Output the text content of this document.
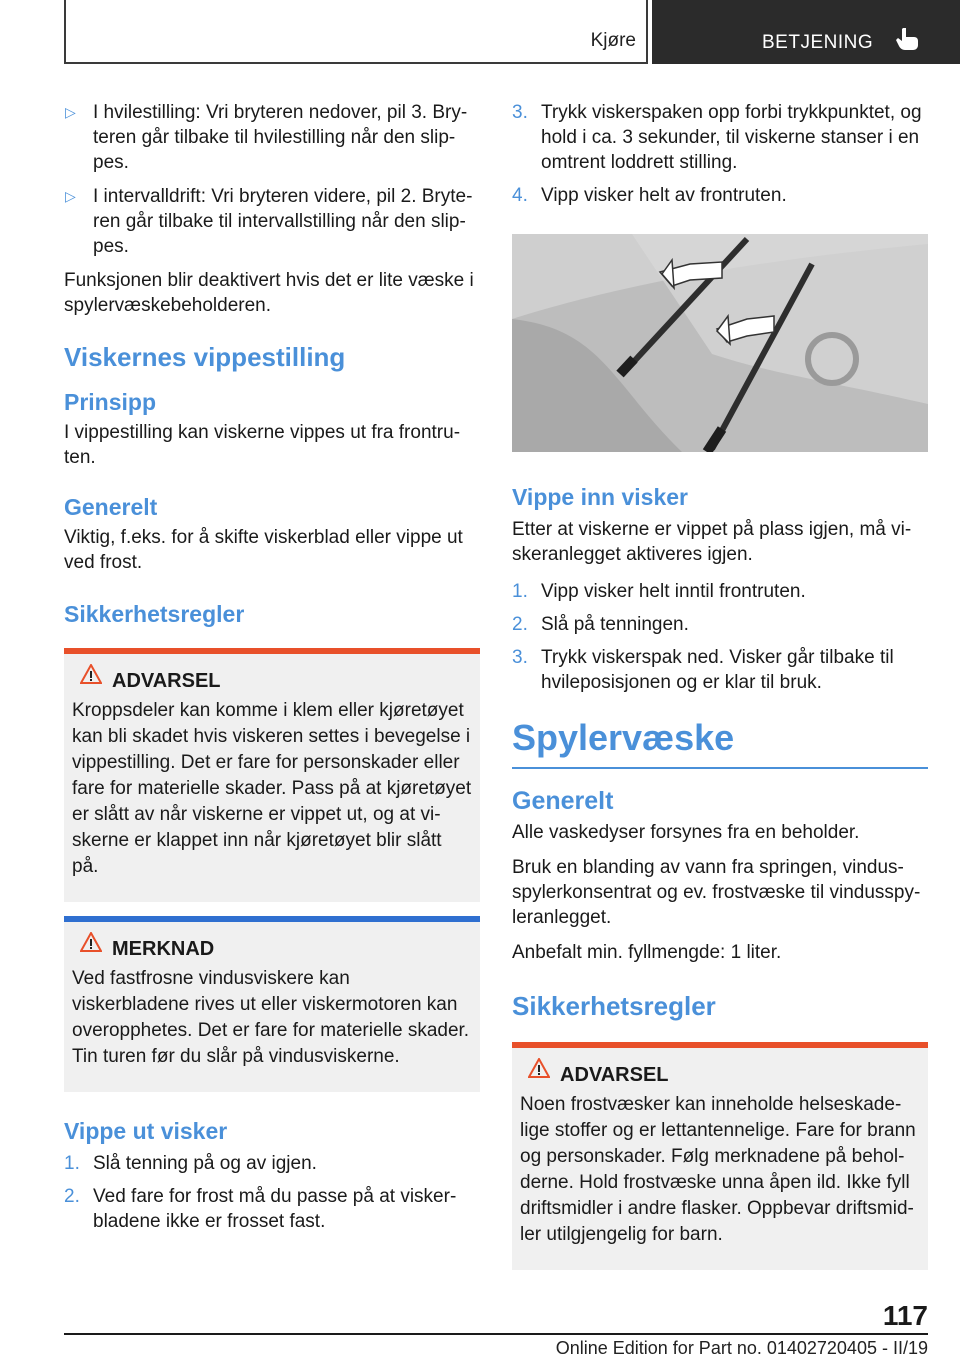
Kjøre	BETJENING
▷ I hvilestilling: Vri bryteren nedover, pil 3. Bryteren går tilbake til hvilestilling når den slippes.
▷ I intervalldrift: Vri bryteren videre, pil 2. Bryteren går tilbake til intervallstilling når den slippes.

Funksjonen blir deaktivert hvis det er lite væske i spylervæskebeholderen.

Viskernes vippestilling
Prinsipp

I vippestilling kan viskerne vippes ut fra frontruten.

Generelt

Viktig, f.eks. for å skifte viskerblad eller vippe ut ved frost.

Sikkerhetsregler
ADVARSEL

Kroppsdeler kan komme i klem eller kjøretøyet kan bli skadet hvis viskeren settes i bevegelse i vippestilling. Det er fare for personskader eller fare for materielle skader. Pass på at kjøretøyet er slått av når viskerne er vippet ut, og at viskerne er klappet inn når kjøretøyet blir slått på.

MERKNAD

Ved fastfrosne vindusviskere kan viskerbladene rives ut eller viskermotoren kan overopphetes. Det er fare for materielle skader. Tin turen før du slår på vindusviskerne.

Vippe ut visker
1. Slå tenning på og av igjen.
2. Ved fare for frost må du passe på at viskerbladene ikke er frosset fast.
3. Trykk viskerspaken opp forbi trykkpunktet, og hold i ca. 3 sekunder, til viskerne stanser i en omtrent loddrett stilling.
4. Vipp visker helt av frontruten.
Vippe inn visker

Etter at viskerne er vippet på plass igjen, må viskeranlegget aktiveres igjen.

1. Vipp visker helt inntil frontruten.
2. Slå på tenningen.
3. Trykk viskerspak ned. Visker går tilbake til hvileposisjonen og er klar til bruk.
Spylervæske
Generelt

Alle vaskedyser forsynes fra en beholder.

Bruk en blanding av vann fra springen, vindusspylerkonsentrat og ev. frostvæske til vindusspyleranlegget.

Anbefalt min. fyllmengde: 1 liter.

Sikkerhetsregler
ADVARSEL

Noen frostvæsker kan inneholde helseskadelige stoffer og er lettantennelige. Fare for brann og personskader. Følg merknadene på beholderne. Hold frostvæske unna åpen ild. Ikke fyll driftsmidler i andre flasker. Oppbevar driftsmidler utilgjengelig for barn.

117
Online Edition for Part no. 01402720405 - II/19
